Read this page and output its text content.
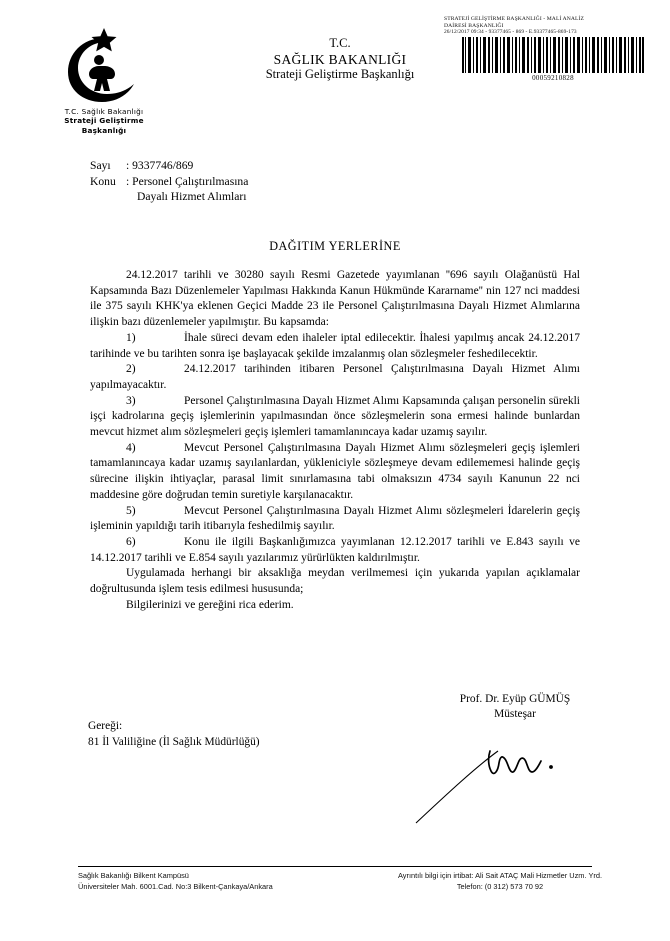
T.C. Sağlık Bakanlığı
Strateji Geliştirme
Başkanlığı
T.C.
SAĞLIK BAKANLIĞI
Strateji Geliştirme Başkanlığı
STRATEJİ GELİŞTİRME BAŞKANLIĞI - MALİ ANALİZ
DAİRESİ BAŞKANLIĞI
26/12/2017 09:34 - 93377465 - 869 - E.93377465-869-173
00059210828
Sayı : 9337746/869
Konu : Personel Çalıştırılmasına
Dayalı Hizmet Alımları
DAĞITIM YERLERİNE

24.12.2017 tarihli ve 30280 sayılı Resmi Gazetede yayımlanan ''696 sayılı Olağanüstü Hal Kapsamında Bazı Düzenlemeler Yapılması Hakkında Kanun Hükmünde Kararname'' nin 127 nci maddesi ile 375 sayılı KHK'ya eklenen Geçici Madde 23 ile Personel Çalıştırılmasına Dayalı Hizmet Alımlarına ilişkin bazı düzenlemeler yapılmıştır. Bu kapsamda:

1)	İhale süreci devam eden ihaleler iptal edilecektir. İhalesi yapılmış ancak 24.12.2017 tarihinde ve bu tarihten sonra işe başlayacak şekilde imzalanmış olan sözleşmeler feshedilecektir.

2)	24.12.2017 tarihinden itibaren Personel Çalıştırılmasına Dayalı Hizmet Alımı yapılmayacaktır.

3)	Personel Çalıştırılmasına Dayalı Hizmet Alımı Kapsamında çalışan personelin sürekli işçi kadrolarına geçiş işlemlerinin yapılmasından önce sözleşmelerin sona ermesi halinde bunlardan mevcut hizmet alım sözleşmeleri geçiş işlemleri tamamlanıncaya kadar uzamış sayılır.

4)	Mevcut Personel Çalıştırılmasına Dayalı Hizmet Alımı sözleşmeleri geçiş işlemleri tamamlanıncaya kadar uzamış sayılanlardan, yükleniciyle sözleşmeye devam edilememesi halinde geçiş sürecine ilişkin ihtiyaçlar, parasal limit sınırlamasına tabi olmaksızın 4734 sayılı Kanunun 22 nci maddesine göre doğrudan temin suretiyle karşılanacaktır.

5)	Mevcut Personel Çalıştırılmasına Dayalı Hizmet Alımı sözleşmeleri İdarelerin geçiş işleminin yapıldığı tarih itibarıyla feshedilmiş sayılır.

6)	Konu ile ilgili Başkanlığımızca yayımlanan 12.12.2017 tarihli ve E.843 sayılı ve 14.12.2017 tarihli ve E.854 sayılı yazılarımız yürürlükten kaldırılmıştır.

Uygulamada herhangi bir aksaklığa meydan verilmemesi için yukarıda yapılan açıklamalar doğrultusunda işlem tesis edilmesi hususunda;

Bilgilerinizi ve gereğini rica ederim.

Prof. Dr. Eyüp GÜMÜŞ
Müsteşar
Gereği:
81 İl Valiliğine (İl Sağlık Müdürlüğü)
Sağlık Bakanlığı Bilkent Kampüsü
Üniversiteler Mah. 6001.Cad. No:3 Bilkent-Çankaya/Ankara
Ayrıntılı bilgi için irtibat: Ali Sait ATAÇ Mali Hizmetler Uzm. Yrd.
Telefon: (0 312) 573 70 92
